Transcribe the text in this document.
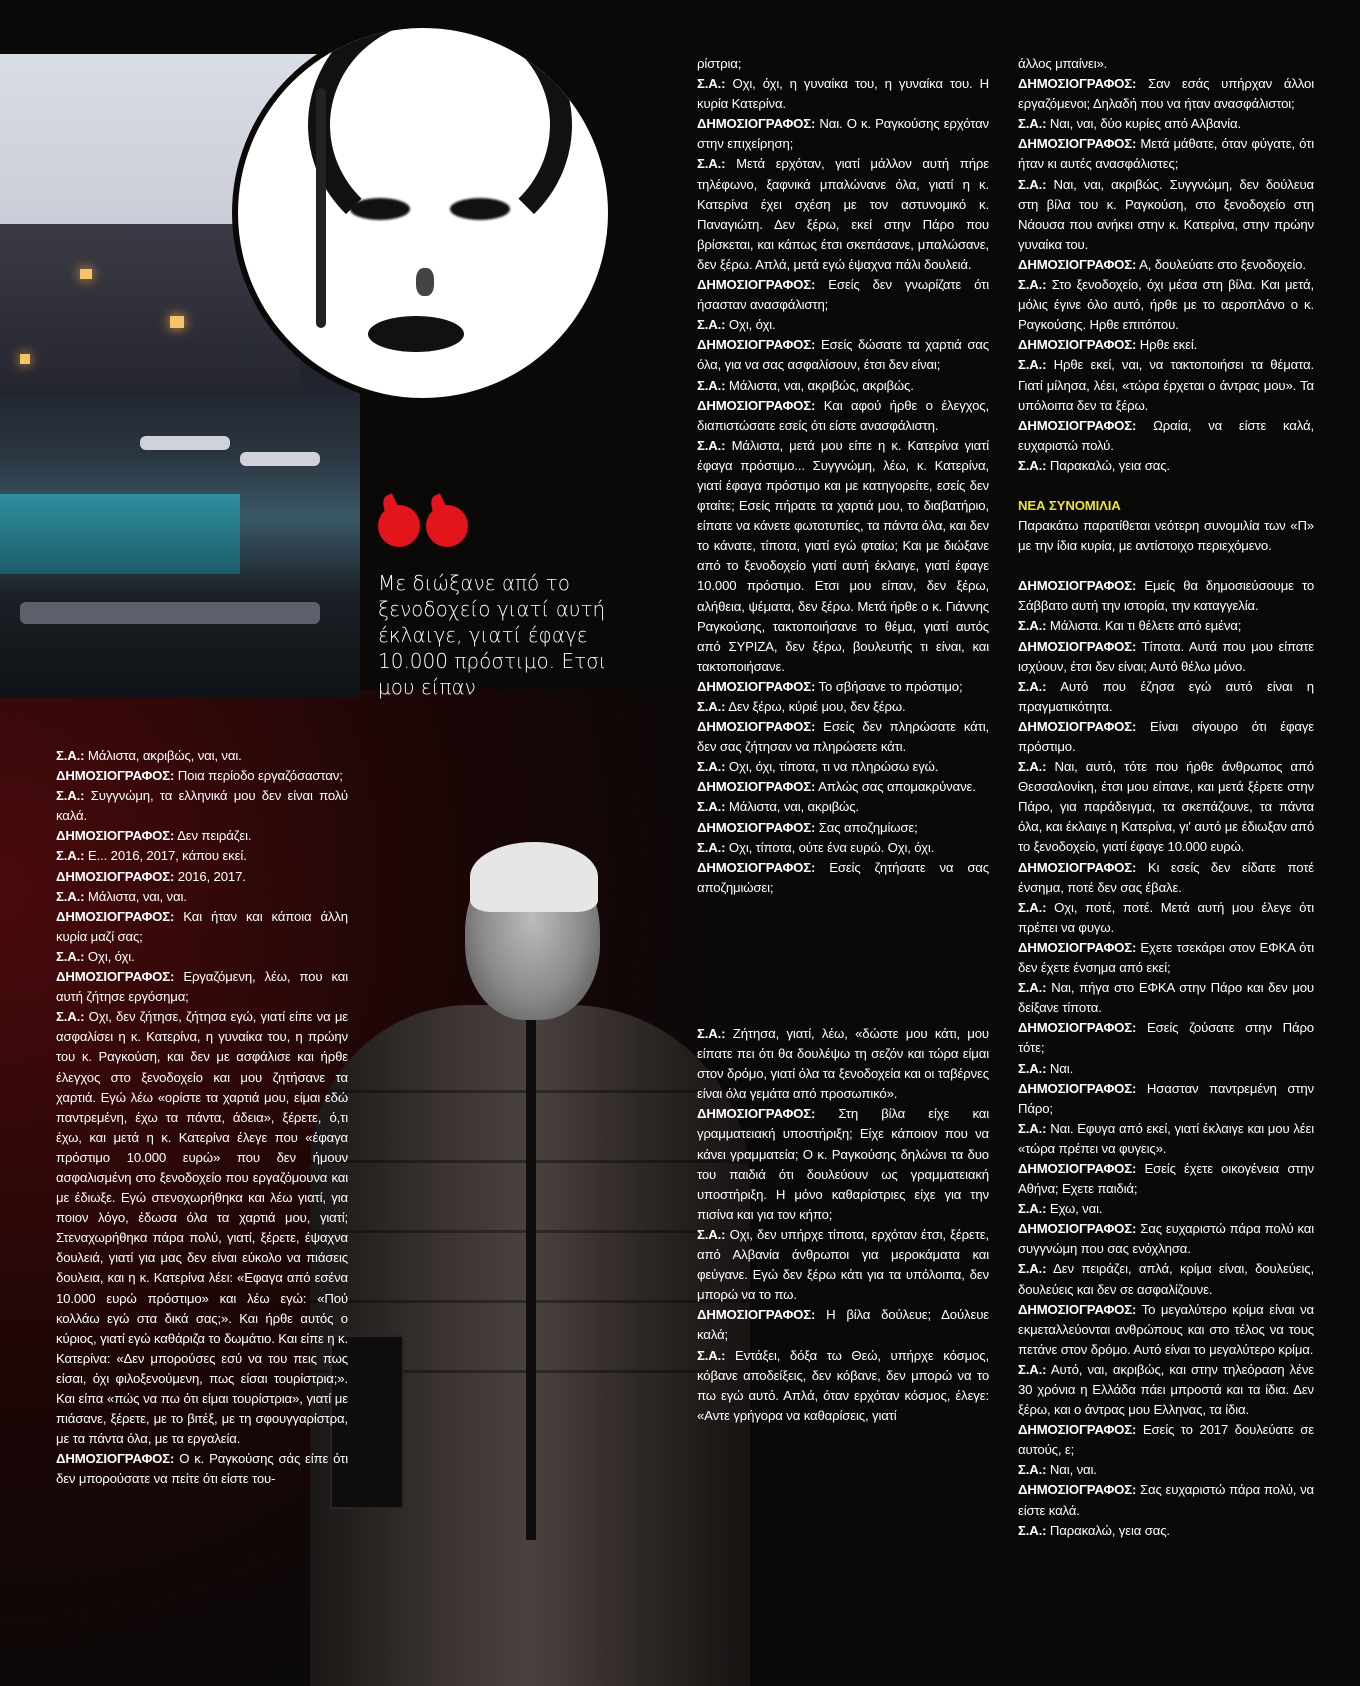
Με διώξανε από το ξενοδοχείο γιατί αυτή έκλαιγε, γιατί έφαγε 10.000 πρόστιμο. Ετσι μου είπαν

Σ.Α.: Μάλιστα, ακριβώς, ναι, ναι.

ΔΗΜΟΣΙΟΓΡΑΦΟΣ: Ποια περίοδο εργαζόσασταν;

Σ.Α.: Συγγνώμη, τα ελληνικά μου δεν είναι πολύ καλά.

ΔΗΜΟΣΙΟΓΡΑΦΟΣ: Δεν πειράζει.

Σ.Α.: Ε... 2016, 2017, κάπου εκεί.

ΔΗΜΟΣΙΟΓΡΑΦΟΣ: 2016, 2017.

Σ.Α.: Μάλιστα, ναι, ναι.

ΔΗΜΟΣΙΟΓΡΑΦΟΣ: Και ήταν και κάποια άλλη κυρία μαζί σας;

Σ.Α.: Οχι, όχι.

ΔΗΜΟΣΙΟΓΡΑΦΟΣ: Εργαζόμενη, λέω, που και αυτή ζήτησε εργόσημα;

Σ.Α.: Οχι, δεν ζήτησε, ζήτησα εγώ, γιατί είπε να με ασφαλίσει η κ. Κατερίνα, η γυναίκα του, η πρώην του κ. Ραγκούση, και δεν με ασφάλισε και ήρθε έλεγχος στο ξενοδοχείο και μου ζητήσανε τα χαρτιά. Εγώ λέω «ορίστε τα χαρτιά μου, είμαι εδώ παντρεμένη, έχω τα πάντα, άδεια», ξέρετε, ό,τι έχω, και μετά η κ. Κατερίνα έλεγε που «έφαγα πρόστιμο 10.000 ευρώ» που δεν ήμουν ασφαλισμένη στο ξενοδοχείο που εργαζόμουνα και με έδιωξε. Εγώ στενοχωρήθηκα και λέω γιατί, για ποιον λόγο, έδωσα όλα τα χαρτιά μου, γιατί; Στεναχωρήθηκα πάρα πολύ, γιατί, ξέρετε, έψαχνα δουλειά, γιατί για μας δεν είναι εύκολο να πιάσεις δουλεια, και η κ. Κατερίνα λέει: «Εφαγα από εσένα 10.000 ευρώ πρόστιμο» και λέω εγώ: «Πού κολλάω εγώ στα δικά σας;». Και ήρθε αυτός ο κύριος, γιατί εγώ καθάριζα το δωμάτιο. Και είπε η κ. Κατερίνα: «Δεν μπορούσες εσύ να του πεις πως είσαι, όχι φιλοξενούμενη, πως είσαι τουρίστρια;». Και είπα «πώς να πω ότι είμαι τουρίστρια», γιατί με πιάσανε, ξέρετε, με το βιτέξ, με τη σφουγγαρίστρα, με τα πάντα όλα, με τα εργαλεία.

ΔΗΜΟΣΙΟΓΡΑΦΟΣ: Ο κ. Ραγκούσης σάς είπε ότι δεν μπορούσατε να πείτε ότι είστε του-

ρίστρια;

Σ.Α.: Οχι, όχι, η γυναίκα του, η γυναίκα του. Η κυρία Κατερίνα.

ΔΗΜΟΣΙΟΓΡΑΦΟΣ: Ναι. Ο κ. Ραγκούσης ερχόταν στην επιχείρηση;

Σ.Α.: Μετά ερχόταν, γιατί μάλλον αυτή πήρε τηλέφωνο, ξαφνικά μπαλώνανε όλα, γιατί η κ. Κατερίνα έχει σχέση με τον αστυνομικό κ. Παναγιώτη. Δεν ξέρω, εκεί στην Πάρο που βρίσκεται, και κάπως έτσι σκεπάσανε, μπαλώσανε, δεν ξέρω. Απλά, μετά εγώ έψαχνα πάλι δουλειά.

ΔΗΜΟΣΙΟΓΡΑΦΟΣ: Εσείς δεν γνωρίζατε ότι ήσασταν ανασφάλιστη;

Σ.Α.: Οχι, όχι.

ΔΗΜΟΣΙΟΓΡΑΦΟΣ: Εσείς δώσατε τα χαρτιά σας όλα, για να σας ασφαλίσουν, έτσι δεν είναι;

Σ.Α.: Μάλιστα, ναι, ακριβώς, ακριβώς.

ΔΗΜΟΣΙΟΓΡΑΦΟΣ: Και αφού ήρθε ο έλεγχος, διαπιστώσατε εσείς ότι είστε ανασφάλιστη.

Σ.Α.: Μάλιστα, μετά μου είπε η κ. Κατερίνα γιατί έφαγα πρόστιμο... Συγγνώμη, λέω, κ. Κατερίνα, γιατί έφαγα πρόστιμο και με κατηγορείτε, εσείς δεν φταίτε; Εσείς πήρατε τα χαρτιά μου, το διαβατήριο, είπατε να κάνετε φωτοτυπίες, τα πάντα όλα, και δεν το κάνατε, τίποτα, γιατί εγώ φταίω; Και με διώξανε από το ξενοδοχείο γιατί αυτή έκλαιγε, γιατί έφαγε 10.000 πρόστιμο. Ετσι μου είπαν, δεν ξέρω, αλήθεια, ψέματα, δεν ξέρω. Μετά ήρθε ο κ. Γιάννης Ραγκούσης, τακτοποιήσανε το θέμα, γιατί αυτός από ΣΥΡΙΖΑ, δεν ξέρω, βουλευτής τι είναι, και τακτοποιήσανε.

ΔΗΜΟΣΙΟΓΡΑΦΟΣ: Το σβήσανε το πρόστιμο;

Σ.Α.: Δεν ξέρω, κύριέ μου, δεν ξέρω.

ΔΗΜΟΣΙΟΓΡΑΦΟΣ: Εσείς δεν πληρώσατε κάτι, δεν σας ζήτησαν να πληρώσετε κάτι.

Σ.Α.: Οχι, όχι, τίποτα, τι να πληρώσω εγώ.

ΔΗΜΟΣΙΟΓΡΑΦΟΣ: Απλώς σας απομακρύνανε.

Σ.Α.: Μάλιστα, ναι, ακριβώς.

ΔΗΜΟΣΙΟΓΡΑΦΟΣ: Σας αποζημίωσε;

Σ.Α.: Οχι, τίποτα, ούτε ένα ευρώ. Οχι, όχι.

ΔΗΜΟΣΙΟΓΡΑΦΟΣ: Εσείς ζητήσατε να σας αποζημιώσει;

Σ.Α.: Ζήτησα, γιατί, λέω, «δώστε μου κάτι, μου είπατε πει ότι θα δουλέψω τη σεζόν και τώρα είμαι στον δρόμο, γιατί όλα τα ξενοδοχεία και οι ταβέρνες είναι όλα γεμάτα από προσωπικό».

ΔΗΜΟΣΙΟΓΡΑΦΟΣ: Στη βίλα είχε και γραμματειακή υποστήριξη; Είχε κάποιον που να κάνει γραμματεία; Ο κ. Ραγκούσης δηλώνει τα δυο του παιδιά ότι δουλεύουν ως γραμματειακή υποστήριξη. Η μόνο καθαρίστριες είχε για την πισίνα και για τον κήπο;

Σ.Α.: Οχι, δεν υπήρχε τίποτα, ερχόταν έτσι, ξέρετε, από Αλβανία άνθρωποι για μεροκάματα και φεύγανε. Εγώ δεν ξέρω κάτι για τα υπόλοιπα, δεν μπορώ να το πω.

ΔΗΜΟΣΙΟΓΡΑΦΟΣ: Η βίλα δούλευε; Δούλευε καλά;

Σ.Α.: Εντάξει, δόξα τω Θεώ, υπήρχε κόσμος, κόβανε αποδείξεις, δεν κόβανε, δεν μπορώ να το πω εγώ αυτό. Απλά, όταν ερχόταν κόσμος, έλεγε: «Αντε γρήγορα να καθαρίσεις, γιατί

άλλος μπαίνει».

ΔΗΜΟΣΙΟΓΡΑΦΟΣ: Σαν εσάς υπήρχαν άλλοι εργαζόμενοι; Δηλαδή που να ήταν ανασφάλιστοι;

Σ.Α.: Ναι, ναι, δύο κυρίες από Αλβανία.

ΔΗΜΟΣΙΟΓΡΑΦΟΣ: Μετά μάθατε, όταν φύγατε, ότι ήταν κι αυτές ανασφάλιστες;

Σ.Α.: Ναι, ναι, ακριβώς. Συγγνώμη, δεν δούλευα στη βίλα του κ. Ραγκούση, στο ξενοδοχείο στη Νάουσα που ανήκει στην κ. Κατερίνα, στην πρώην γυναίκα του.

ΔΗΜΟΣΙΟΓΡΑΦΟΣ: Α, δουλεύατε στο ξενοδοχείο.

Σ.Α.: Στο ξενοδοχείο, όχι μέσα στη βίλα. Και μετά, μόλις έγινε όλο αυτό, ήρθε με το αεροπλάνο ο κ. Ραγκούσης. Ηρθε επιτόπου.

ΔΗΜΟΣΙΟΓΡΑΦΟΣ: Ηρθε εκεί.

Σ.Α.: Ηρθε εκεί, ναι, να τακτοποιήσει τα θέματα. Γιατί μίλησα, λέει, «τώρα έρχεται ο άντρας μου». Τα υπόλοιπα δεν τα ξέρω.

ΔΗΜΟΣΙΟΓΡΑΦΟΣ: Ωραία, να είστε καλά, ευχαριστώ πολύ.

Σ.Α.: Παρακαλώ, γεια σας.

ΝΕΑ ΣΥΝΟΜΙΛΙΑ

Παρακάτω παρατίθεται νεότερη συνομιλία των «Π» με την ίδια κυρία, με αντίστοιχο περιεχόμενο.

ΔΗΜΟΣΙΟΓΡΑΦΟΣ: Εμείς θα δημοσιεύσουμε το Σάββατο αυτή την ιστορία, την καταγγελία.

Σ.Α.: Μάλιστα. Και τι θέλετε από εμένα;

ΔΗΜΟΣΙΟΓΡΑΦΟΣ: Τίποτα. Αυτά που μου είπατε ισχύουν, έτσι δεν είναι; Αυτό θέλω μόνο.

Σ.Α.: Αυτό που έζησα εγώ αυτό είναι η πραγματικότητα.

ΔΗΜΟΣΙΟΓΡΑΦΟΣ: Είναι σίγουρο ότι έφαγε πρόστιμο.

Σ.Α.: Ναι, αυτό, τότε που ήρθε άνθρωπος από Θεσσαλονίκη, έτσι μου είπανε, και μετά ξέρετε στην Πάρο, για παράδειγμα, τα σκεπάζουνε, τα πάντα όλα, και έκλαιγε η Κατερίνα, γι' αυτό με έδιωξαν από το ξενοδοχείο, γιατί έφαγε 10.000 ευρώ.

ΔΗΜΟΣΙΟΓΡΑΦΟΣ: Κι εσείς δεν είδατε ποτέ ένσημα, ποτέ δεν σας έβαλε.

Σ.Α.: Οχι, ποτέ, ποτέ. Μετά αυτή μου έλεγε ότι πρέπει να φυγω.

ΔΗΜΟΣΙΟΓΡΑΦΟΣ: Εχετε τσεκάρει στον ΕΦΚΑ ότι δεν έχετε ένσημα από εκεί;

Σ.Α.: Ναι, πήγα στο ΕΦΚΑ στην Πάρο και δεν μου δείξανε τίποτα.

ΔΗΜΟΣΙΟΓΡΑΦΟΣ: Εσείς ζούσατε στην Πάρο τότε;

Σ.Α.: Ναι.

ΔΗΜΟΣΙΟΓΡΑΦΟΣ: Ησασταν παντρεμένη στην Πάρο;

Σ.Α.: Ναι. Εφυγα από εκεί, γιατί έκλαιγε και μου λέει «τώρα πρέπει να φυγεις».

ΔΗΜΟΣΙΟΓΡΑΦΟΣ: Εσείς έχετε οικογένεια στην Αθήνα; Εχετε παιδιά;

Σ.Α.: Εχω, ναι.

ΔΗΜΟΣΙΟΓΡΑΦΟΣ: Σας ευχαριστώ πάρα πολύ και συγγνώμη που σας ενόχλησα.

Σ.Α.: Δεν πειράζει, απλά, κρίμα είναι, δουλεύεις, δουλεύεις και δεν σε ασφαλίζουνε.

ΔΗΜΟΣΙΟΓΡΑΦΟΣ: Το μεγαλύτερο κρίμα είναι να εκμεταλλεύονται ανθρώπους και στο τέλος να τους πετάνε στον δρόμο. Αυτό είναι το μεγαλύτερο κρίμα.

Σ.Α.: Αυτό, ναι, ακριβώς, και στην τηλεόραση λένε 30 χρόνια η Ελλάδα πάει μπροστά και τα ίδια. Δεν ξέρω, και ο άντρας μου Ελληνας, τα ίδια.

ΔΗΜΟΣΙΟΓΡΑΦΟΣ: Εσείς το 2017 δουλεύατε σε αυτούς, ε;

Σ.Α.: Ναι, ναι.

ΔΗΜΟΣΙΟΓΡΑΦΟΣ: Σας ευχαριστώ πάρα πολύ, να είστε καλά.

Σ.Α.: Παρακαλώ, γεια σας.
